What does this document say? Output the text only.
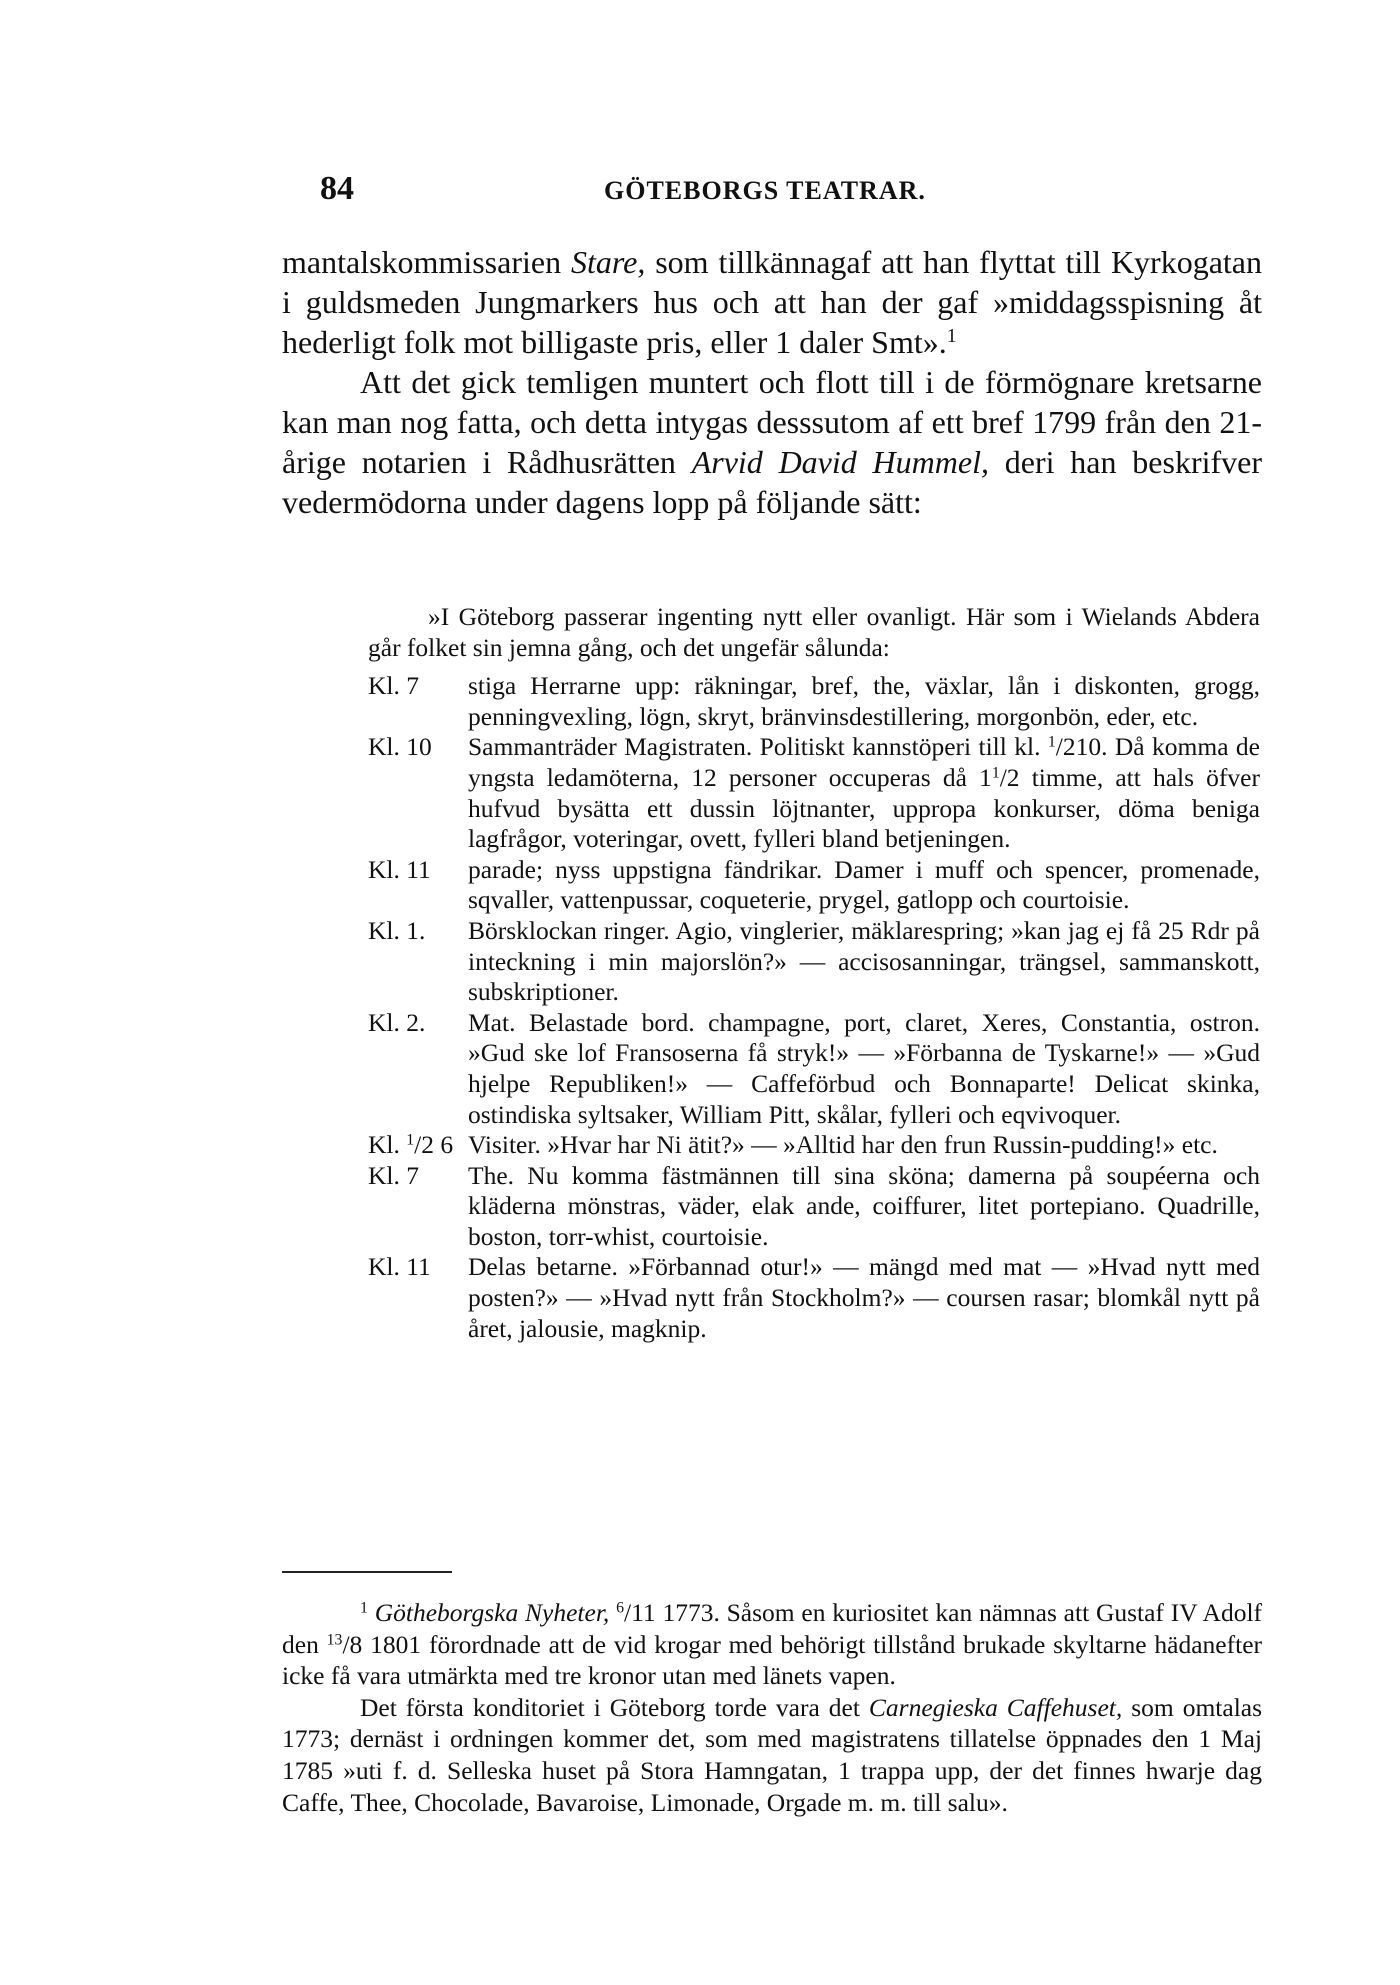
84	GÖTEBORGS TEATRAR.

mantalskommissarien Stare, som tillkännagaf att han flyttat till Kyrkogatan i guldsmeden Jungmarkers hus och att han der gaf »middagsspisning åt hederligt folk mot billigaste pris, eller 1 daler Smt».$^1$

Att det gick temligen muntert och flott till i de förmögnare kretsarne kan man nog fatta, och detta intygas desssutom af ett bref 1799 från den 21-årige notarien i Rådhusrätten Arvid David Hummel, deri han beskrifver vedermödorna under dagens lopp på följande sätt:

»I Göteborg passerar ingenting nytt eller ovanligt. Här som i Wielands Abdera går folket sin jemna gång, och det ungefär sålunda:

Kl. 7	stiga Herrarne upp: räkningar, bref, the, växlar, lån i diskonten, grogg, penningvexling, lögn, skryt, bränvinsdestillering, morgonbön, eder, etc.
Kl. 10	Sammanträder Magistraten. Politiskt kannstöperi till kl. $^1$/210. Då komma de yngsta ledamöterna, 12 personer occuperas då $1^1/2$ timme, att hals öfver hufvud bysätta ett dussin löjtnanter, uppropa konkurser, döma beniga lagfrågor, voteringar, ovett, fylleri bland betjeningen.
Kl. 11	parade; nyss uppstigna fändrikar. Damer i muff och spencer, promenade, sqvaller, vattenpussar, coqueterie, prygel, gatlopp och courtoisie.
Kl. 1.	Börsklockan ringer. Agio, vinglerier, mäklarespring; »kan jag ej få 25 Rdr på inteckning i min majorslön?» — accisosanningar, trängsel, sammanskott, subskriptioner.
Kl. 2.	Mat. Belastade bord. champagne, port, claret, Xeres, Constantia, ostron. »Gud ske lof Fransoserna få stryk!» — »Förbanna de Tyskarne!» — »Gud hjelpe Republiken!» — Caffeförbud och Bonnaparte! Delicat skinka, ostindiska syltsaker, William Pitt, skålar, fylleri och eqvivoquer.
Kl. $^1$/2 6 Visiter. »Hvar har Ni ätit?» — »Alltid har den frun Russin-pudding!» etc.
Kl. 7	The. Nu komma fästmännen till sina sköna; damerna på soupéerna och kläderna mönstras, väder, elak ande, coiffurer, litet portepiano. Quadrille, boston, torr-whist, courtoisie.
Kl. 11	Delas betarne. »Förbannad otur!» — mängd med mat — »Hvad nytt med posten?» — »Hvad nytt från Stockholm?» — coursen rasar; blomkål nytt på året, jalousie, magknip.

$^1$ Götheborgska Nyheter, $^6$/11 1773. Såsom en kuriositet kan nämnas att Gustaf IV Adolf den $^{13}$/8 1801 förordnade att de vid krogar med behörigt tillstånd brukade skyltarne hädanefter icke få vara utmärkta med tre kronor utan med länets vapen.

Det första konditoriet i Göteborg torde vara det Carnegieska Caffehuset, som omtalas 1773; dernäst i ordningen kommer det, som med magistratens tillatelse öppnades den 1 Maj 1785 »uti f. d. Selleska huset på Stora Hamngatan, 1 trappa upp, der det finnes hwarje dag Caffe, Thee, Chocolade, Bavaroise, Limonade, Orgade m. m. till salu».
